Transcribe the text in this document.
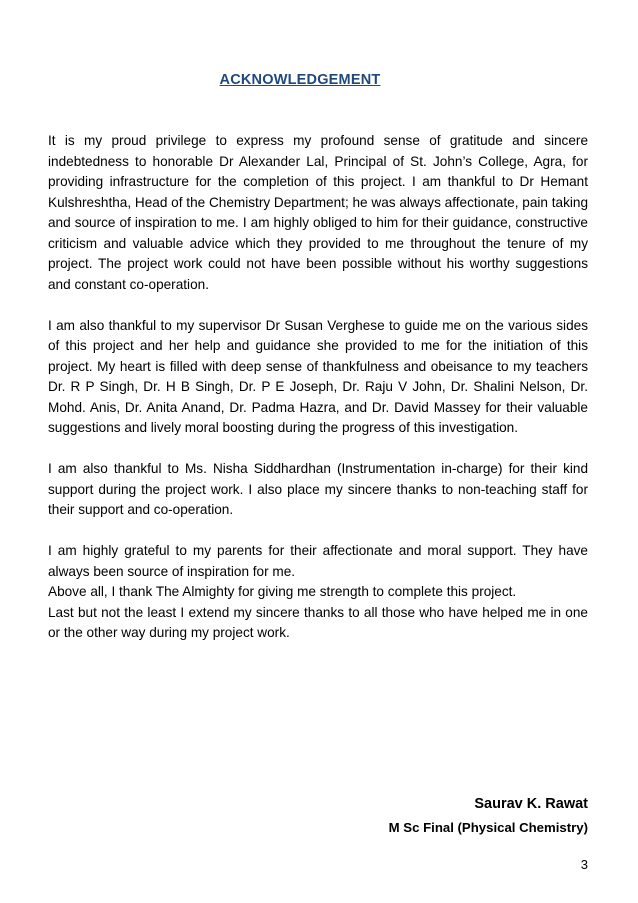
ACKNOWLEDGEMENT

It is my proud privilege to express my profound sense of gratitude and sincere indebtedness to honorable Dr Alexander Lal, Principal of St. John’s College, Agra, for providing infrastructure for the completion of this project. I am thankful to Dr Hemant Kulshreshtha, Head of the Chemistry Department; he was always affectionate, pain taking and source of inspiration to me. I am highly obliged to him for their guidance, constructive criticism and valuable advice which they provided to me throughout the tenure of my project. The project work could not have been possible without his worthy suggestions and constant co-operation.

I am also thankful to my supervisor Dr Susan Verghese to guide me on the various sides of this project and her help and guidance she provided to me for the initiation of this project. My heart is filled with deep sense of thankfulness and obeisance to my teachers Dr. R P Singh, Dr. H B Singh, Dr. P E Joseph, Dr. Raju V John, Dr. Shalini Nelson, Dr. Mohd. Anis, Dr. Anita Anand, Dr. Padma Hazra, and Dr. David Massey for their valuable suggestions and lively moral boosting during the progress of this investigation.

I am also thankful to Ms. Nisha Siddhardhan (Instrumentation in-charge) for their kind support during the project work. I also place my sincere thanks to non-teaching staff for their support and co-operation.

I am highly grateful to my parents for their affectionate and moral support. They have always been source of inspiration for me.

Above all, I thank The Almighty for giving me strength to complete this project.

Last but not the least I extend my sincere thanks to all those who have helped me in one or the other way during my project work.

Saurav K. Rawat
M Sc Final (Physical Chemistry)
3
